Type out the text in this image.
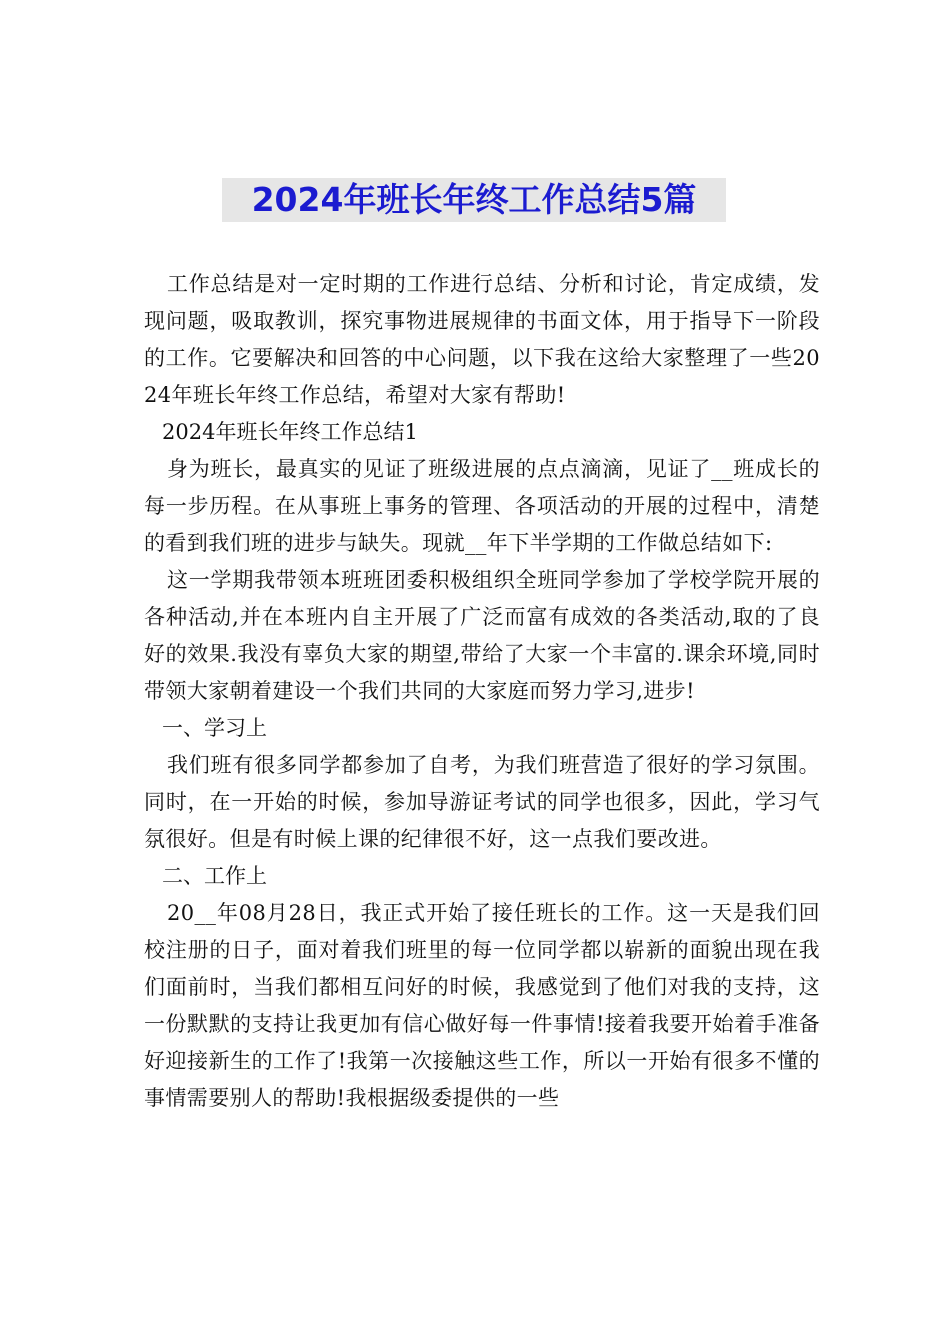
2024年班长年终工作总结5篇

工作总结是对一定时期的工作进行总结、分析和讨论，肯定成绩，发现问题，吸取教训，探究事物进展规律的书面文体，用于指导下一阶段的工作。它要解决和回答的中心问题，以下我在这给大家整理了一些2024年班长年终工作总结，希望对大家有帮助!

2024年班长年终工作总结1

身为班长，最真实的见证了班级进展的点点滴滴，见证了__班成长的每一步历程。在从事班上事务的管理、各项活动的开展的过程中，清楚的看到我们班的进步与缺失。现就__年下半学期的工作做总结如下:

这一学期我带领本班班团委积极组织全班同学参加了学校学院开展的各种活动,并在本班内自主开展了广泛而富有成效的各类活动,取的了良好的效果.我没有辜负大家的期望,带给了大家一个丰富的.课余环境,同时带领大家朝着建设一个我们共同的大家庭而努力学习,进步!

一、学习上

我们班有很多同学都参加了自考，为我们班营造了很好的学习氛围。同时，在一开始的时候，参加导游证考试的同学也很多，因此，学习气氛很好。但是有时候上课的纪律很不好，这一点我们要改进。

二、工作上

20__年08月28日，我正式开始了接任班长的工作。这一天是我们回校注册的日子，面对着我们班里的每一位同学都以崭新的面貌出现在我们面前时，当我们都相互问好的时候，我感觉到了他们对我的支持，这一份默默的支持让我更加有信心做好每一件事情!接着我要开始着手准备好迎接新生的工作了!我第一次接触这些工作，所以一开始有很多不懂的事情需要别人的帮助!我根据级委提供的一些
